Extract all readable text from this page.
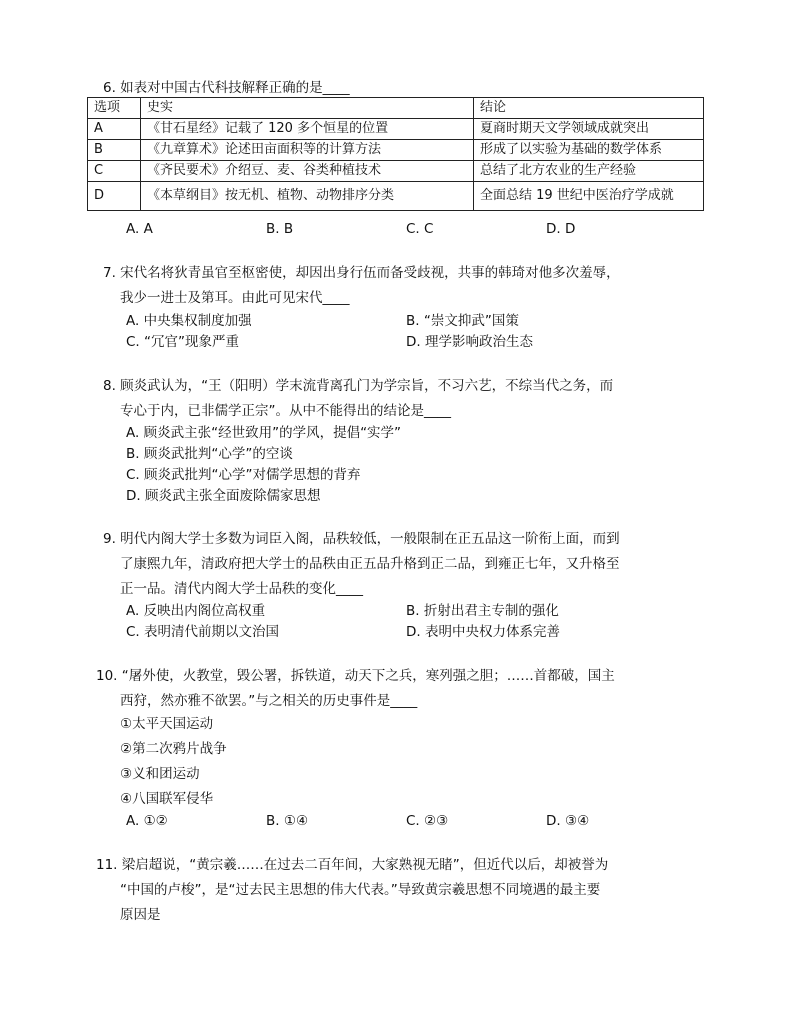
6. 如表对中国古代科技解释正确的是____
选项	史实	结论
A	《甘石星经》记载了 120 多个恒星的位置	夏商时期天文学领域成就突出
B	《九章算术》论述田亩面积等的计算方法	形成了以实验为基础的数学体系
C	《齐民要术》介绍豆、麦、谷类种植技术	总结了北方农业的生产经验
D	《本草纲目》按无机、植物、动物排序分类	全面总结 19 世纪中医治疗学成就
A. A	B. B	C. C	D. D
7. 宋代名将狄青虽官至枢密使，却因出身行伍而备受歧视，共事的韩琦对他多次羞辱，
我少一进士及第耳。由此可见宋代____
A. 中央集权制度加强	B. “崇文抑武”国策
C. “冗官”现象严重	D. 理学影响政治生态
8. 顾炎武认为，“王（阳明）学末流背离孔门为学宗旨，不习六艺，不综当代之务，而
专心于内，已非儒学正宗”。从中不能得出的结论是____
A. 顾炎武主张“经世致用”的学风，提倡“实学”
B. 顾炎武批判“心学”的空谈
C. 顾炎武批判“心学”对儒学思想的背弃
D. 顾炎武主张全面废除儒家思想
9. 明代内阁大学士多数为词臣入阁，品秩较低，一般限制在正五品这一阶衔上面，而到
了康熙九年，清政府把大学士的品秩由正五品升格到正二品，到雍正七年，又升格至
正一品。清代内阁大学士品秩的变化____
A. 反映出内阁位高权重	B. 折射出君主专制的强化
C. 表明清代前期以文治国	D. 表明中央权力体系完善
10. “屠外使，火教堂，毁公署，拆铁道，动天下之兵，寒列强之胆；……首都破，国主
西狩，然亦雅不欲罢。”与之相关的历史事件是____
①太平天国运动
②第二次鸦片战争
③义和团运动
④八国联军侵华
A. ①②	B. ①④	C. ②③	D. ③④
11. 梁启超说，“黄宗羲……在过去二百年间，大家熟视无睹”，但近代以后，却被誉为
“中国的卢梭”，是“过去民主思想的伟大代表。”导致黄宗羲思想不同境遇的最主要
原因是
